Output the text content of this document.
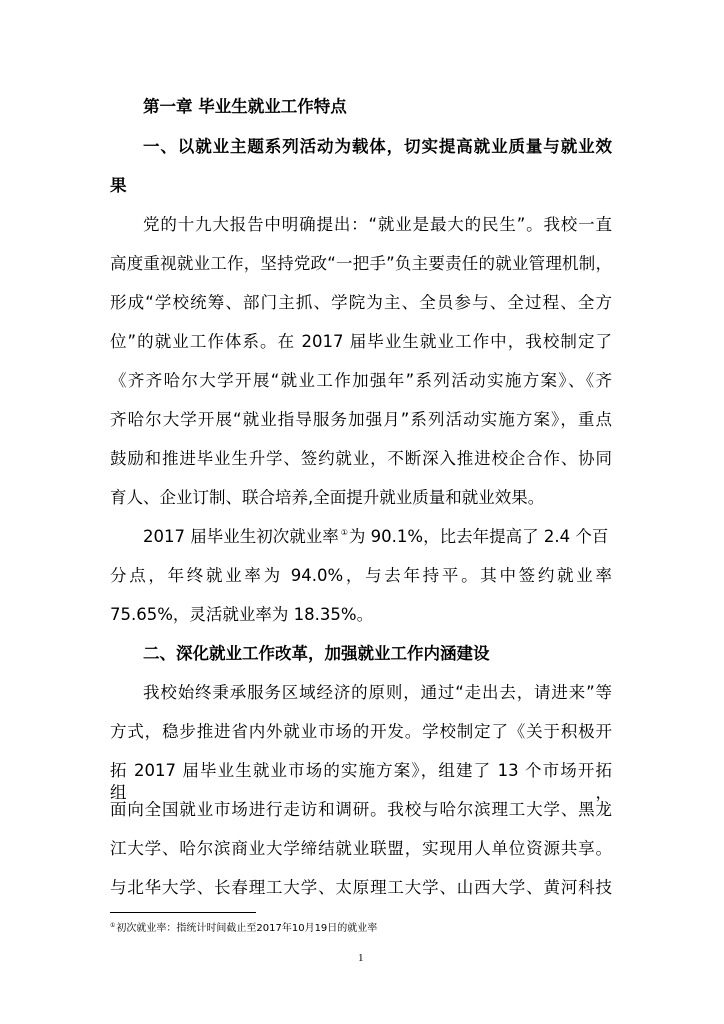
第一章 毕业生就业工作特点
一、以就业主题系列活动为载体，切实提高就业质量与就业效
果
党的十九大报告中明确提出：“就业是最大的民生”。我校一直
高度重视就业工作，坚持党政“一把手”负主要责任的就业管理机制，
形成“学校统筹、部门主抓、学院为主、全员参与、全过程、全方
位”的就业工作体系。在 2017 届毕业生就业工作中，我校制定了
《齐齐哈尔大学开展“就业工作加强年”系列活动实施方案》、《齐
齐哈尔大学开展“就业指导服务加强月”系列活动实施方案》，重点
鼓励和推进毕业生升学、签约就业，不断深入推进校企合作、协同
育人、企业订制、联合培养,全面提升就业质量和就业效果。
2017 届毕业生初次就业率 ①为 90.1%，比去年提高了 2.4 个百
分点，年终就业率为 94.0%，与去年持平。其中签约就业率
75.65%，灵活就业率为 18.35%。
二、深化就业工作改革，加强就业工作内涵建设
我校始终秉承服务区域经济的原则，通过“走出去，请进来”等
方式，稳步推进省内外就业市场的开发。学校制定了《关于积极开
拓 2017 届毕业生就业市场的实施方案》，组建了 13 个市场开拓组，
面向全国就业市场进行走访和调研。我校与哈尔滨理工大学、黑龙
江大学、哈尔滨商业大学缔结就业联盟，实现用人单位资源共享。
与北华大学、长春理工大学、太原理工大学、山西大学、黄河科技
①初次就业率：指统计时间截止至2017年10月19日的就业率
1
